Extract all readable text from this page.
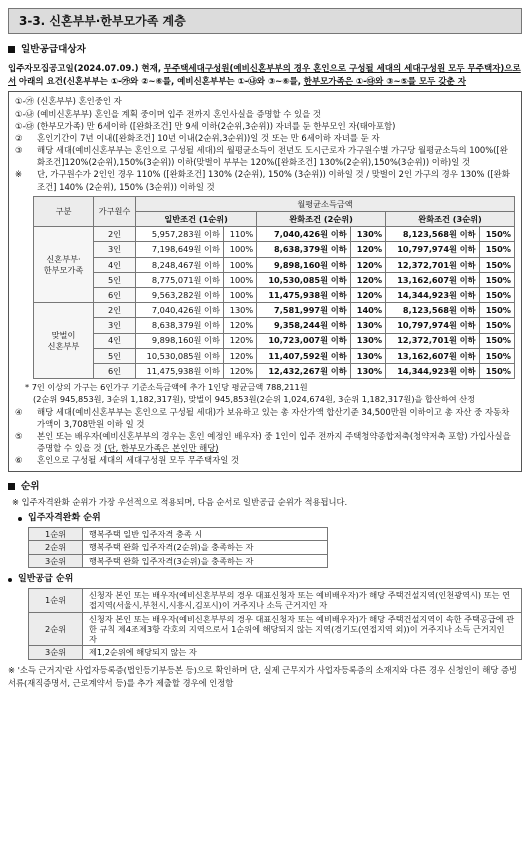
3-3. 신혼부부·한부모가족 계층
일반공급대상자
입주자모집공고일(2024.07.09.) 현재, 무주택세대구성원(예비신혼부부의 경우 혼인으로 구성될 세대의 세대구성원 모두 무주택자)으로서 아래의 요건(신혼부부는 ①-㉮와 ②~⑥를, 예비신혼부부는 ①-㉯와 ③~⑥를, 한부모가족은 ①-㉰와 ③~⑤를 모두 갖춘 자
①-㉮ (신혼부부) 혼인중인 자
①-㉯ (예비신혼부부) 혼인을 계획 중이며 입주 전까지 혼인사실을 증명할 수 있을 것
①-㉰ (한부모가족) 만 6세이하 ([완화조건] 만 9세 이하(2순위,3순위)) 자녀를 둔 한부모인 자(태아포함)
②	혼인기간이 7년 이내([완화조건] 10년 이내(2순위,3순위))일 것 또는 만 6세이하 자녀를 둔 자
③	해당 세대(예비신혼부부는 혼인으로 구성될 세대)의 월평균소득이 전년도 도시근로자 가구원수별 가구당 월평균소득의 100%([완화조건]120%(2순위),150%(3순위)) 이하(맞벌이 부부는 120%([완화조건] 130%(2순위),150%(3순위)) 이하)일 것
※	단, 가구원수가 2인인 경우 110% ([완화조건] 130% (2순위), 150% (3순위)) 이하일 것 / 맞벌이 2인 가구의 경우 130% ([완화조건] 140% (2순위), 150% (3순위)) 이하일 것
구분	가구원수	월평균소득금액					
		일반조건 (1순위)		완화조건 (2순위)		완화조건 (3순위)	
신혼부부·
한부모가족	2인	5,957,283원 이하	110%	7,040,426원 이하	130%	8,123,568원 이하	150%
	3인	7,198,649원 이하	100%	8,638,379원 이하	120%	10,797,974원 이하	150%
	4인	8,248,467원 이하	100%	9,898,160원 이하	120%	12,372,701원 이하	150%
	5인	8,775,071원 이하	100%	10,530,085원 이하	120%	13,162,607원 이하	150%
	6인	9,563,282원 이하	100%	11,475,938원 이하	120%	14,344,923원 이하	150%
맞벌이
신혼부부	2인	7,040,426원 이하	130%	7,581,997원 이하	140%	8,123,568원 이하	150%
	3인	8,638,379원 이하	120%	9,358,244원 이하	130%	10,797,974원 이하	150%
	4인	9,898,160원 이하	120%	10,723,007원 이하	130%	12,372,701원 이하	150%
	5인	10,530,085원 이하	120%	11,407,592원 이하	130%	13,162,607원 이하	150%
	6인	11,475,938원 이하	120%	12,432,267원 이하	130%	14,344,923원 이하	150%
* 7인 이상의 가구는 6인가구 기준소득금액에 추가 1인당 평균금액 788,211원
(2순위 945,853원, 3순위 1,182,317원), 맞벌이 945,853원(2순위 1,024,674원, 3순위 1,182,317원)을 합산하여 산정
④	해당 세대(예비신혼부부는 혼인으로 구성될 세대)가 보유하고 있는 총 자산가액 합산기준 34,500만원 이하이고 총 자산 중 자동차가액이 3,708만원 이하 일 것
⑤	본인 또는 배우자(예비신혼부부의 경우는 혼인 예정인 배우자) 중 1인이 입주 전까지 주택청약종합저축(청약저축 포함) 가입사실을 증명할 수 있을 것 (단, 한부모가족은 본인만 해당)
⑥	혼인으로 구성될 세대의 세대구성원 모두 무주택자일 것
순위
※ 입주자격완화 순위가 가장 우선적으로 적용되며, 다음 순서로 일반공급 순위가 적용됩니다.
입주자격완화 순위
1순위	행복주택 일반 입주자격 충족 시
2순위	행복주택 완화 입주자격(2순위)을 충족하는 자
3순위	행복주택 완화 입주자격(3순위)을 충족하는 자
일반공급 순위
1순위	신청자 본인 또는 배우자(예비신혼부부의 경우 대표신청자 또는 예비배우자)가 해당 주택건설지역(인천광역시) 또는 연접지역(서울시,부천시,시흥시,김포시)이 거주지나 소득 근거지인 자
2순위	신청자 본인 또는 배우자(예비신혼부부의 경우 대표신청자 또는 예비배우자)가 해당 주택건설지역이 속한 주택공급에 관한 규칙 제4조제3항 각호의 지역으로서 1순위에 해당되지 않는 지역(경기도(연접지역 외))이 거주지나 소득 근거지인 자
3순위	제1,2순위에 해당되지 않는 자
※ '소득 근거지'란 사업자등록증(법인등기부등본 등)으로 확인하며 단, 실제 근무지가 사업자등록증의 소재지와 다른 경우 신청인이 해당 증빙서류(재직증명서, 근로계약서 등)를 추가 제출할 경우에 인정함
